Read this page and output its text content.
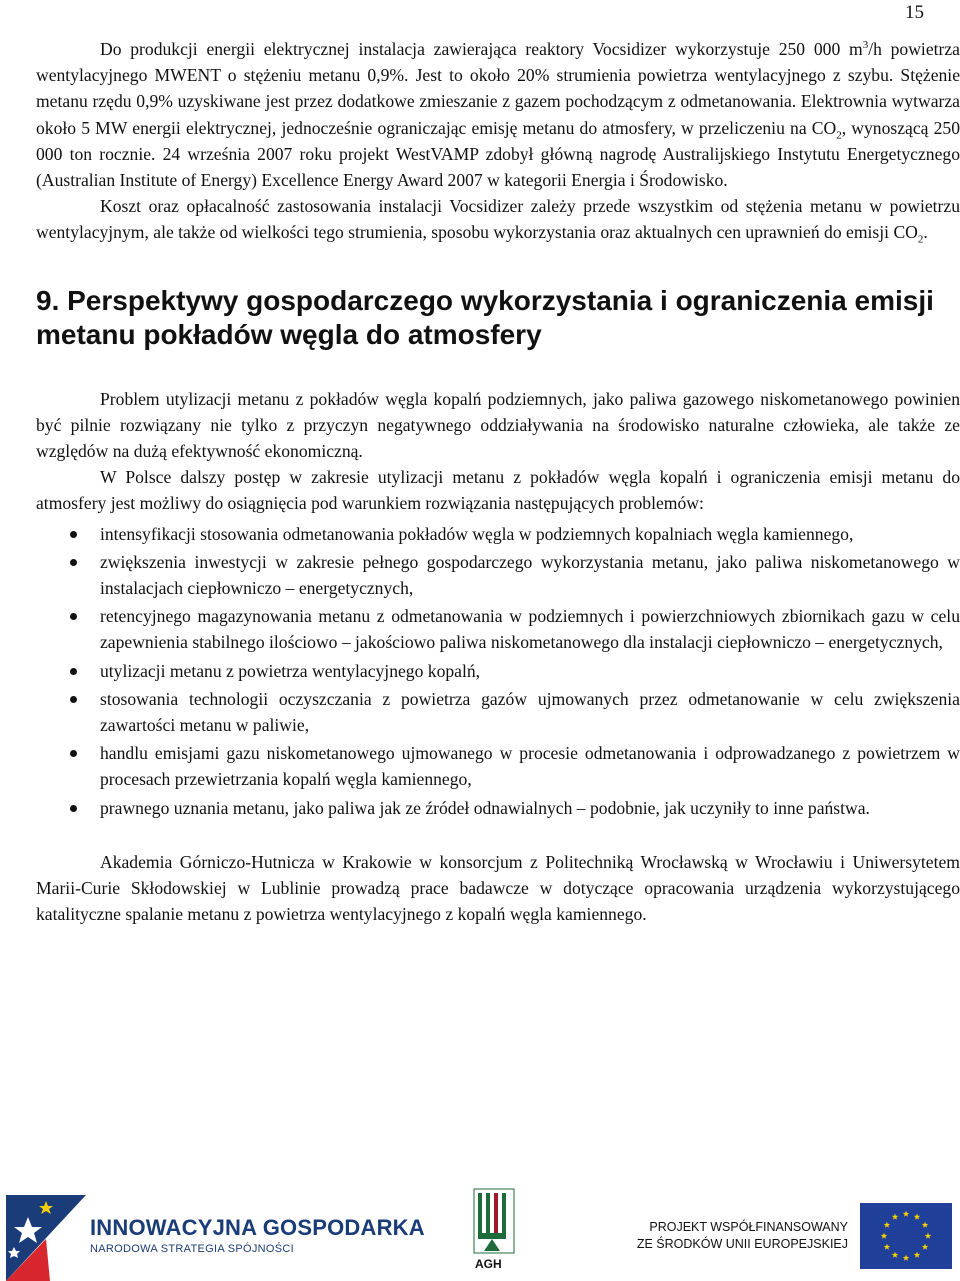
15

Do produkcji energii elektrycznej instalacja zawierająca reaktory Vocsidizer wykorzystuje 250 000 $m^3/h$ powietrza wentylacyjnego MWENT o stężeniu metanu 0,9%. Jest to około 20% strumienia powietrza wentylacyjnego z szybu. Stężenie metanu rzędu 0,9% uzyskiwane jest przez dodatkowe zmieszanie z gazem pochodzącym z odmetanowania. Elektrownia wytwarza około 5 MW energii elektrycznej, jednocześnie ograniczając emisję metanu do atmosfery, w przeliczeniu na $CO_2$, wynoszącą 250 000 ton rocznie. 24 września 2007 roku projekt WestVAMP zdobył główną nagrodę Australijskiego Instytutu Energetycznego (Australian Institute of Energy) Excellence Energy Award 2007 w kategorii Energia i Środowisko.

Koszt oraz opłacalność zastosowania instalacji Vocsidizer zależy przede wszystkim od stężenia metanu w powietrzu wentylacyjnym, ale także od wielkości tego strumienia, sposobu wykorzystania oraz aktualnych cen uprawnień do emisji $CO_2$.

9. Perspektywy gospodarczego wykorzystania i ograniczenia emisji metanu pokładów węgla do atmosfery

Problem utylizacji metanu z pokładów węgla kopalń podziemnych, jako paliwa gazowego niskometanowego powinien być pilnie rozwiązany nie tylko z przyczyn negatywnego oddziaływania na środowisko naturalne człowieka, ale także ze względów na dużą efektywność ekonomiczną.

W Polsce dalszy postęp w zakresie utylizacji metanu z pokładów węgla kopalń i ograniczenia emisji metanu do atmosfery jest możliwy do osiągnięcia pod warunkiem rozwiązania następujących problemów:

intensyfikacji stosowania odmetanowania pokładów węgla w podziemnych kopalniach węgla kamiennego,
zwiększenia inwestycji w zakresie pełnego gospodarczego wykorzystania metanu, jako paliwa niskometanowego w instalacjach ciepłowniczo – energetycznych,
retencyjnego magazynowania metanu z odmetanowania w podziemnych i powierzchniowych zbiornikach gazu w celu zapewnienia stabilnego ilościowo – jakościowo paliwa niskometanowego dla instalacji ciepłowniczo – energetycznych,
utylizacji metanu z powietrza wentylacyjnego kopalń,
stosowania technologii oczyszczania z powietrza gazów ujmowanych przez odmetanowanie w celu zwiększenia zawartości metanu w paliwie,
handlu emisjami gazu niskometanowego ujmowanego w procesie odmetanowania i odprowadzanego z powietrzem w procesach przewietrzania kopalń węgla kamiennego,
prawnego uznania metanu, jako paliwa jak ze źródeł odnawialnych – podobnie, jak uczyniły to inne państwa.

Akademia Górniczo-Hutnicza w Krakowie w konsorcjum z Politechniką Wrocławską w Wrocławiu i Uniwersytetem Marii-Curie Skłodowskiej w Lublinie prowadzą prace badawcze w dotyczące opracowania urządzenia wykorzystującego katalityczne spalanie metanu z powietrza wentylacyjnego z kopalń węgla kamiennego.

INNOWACYJNA GOSPODARKA
NARODOWA STRATEGIA SPÓJNOŚCI
AGH
PROJEKT WSPÓŁFINANSOWANY
ZE ŚRODKÓW UNII EUROPEJSKIEJ
